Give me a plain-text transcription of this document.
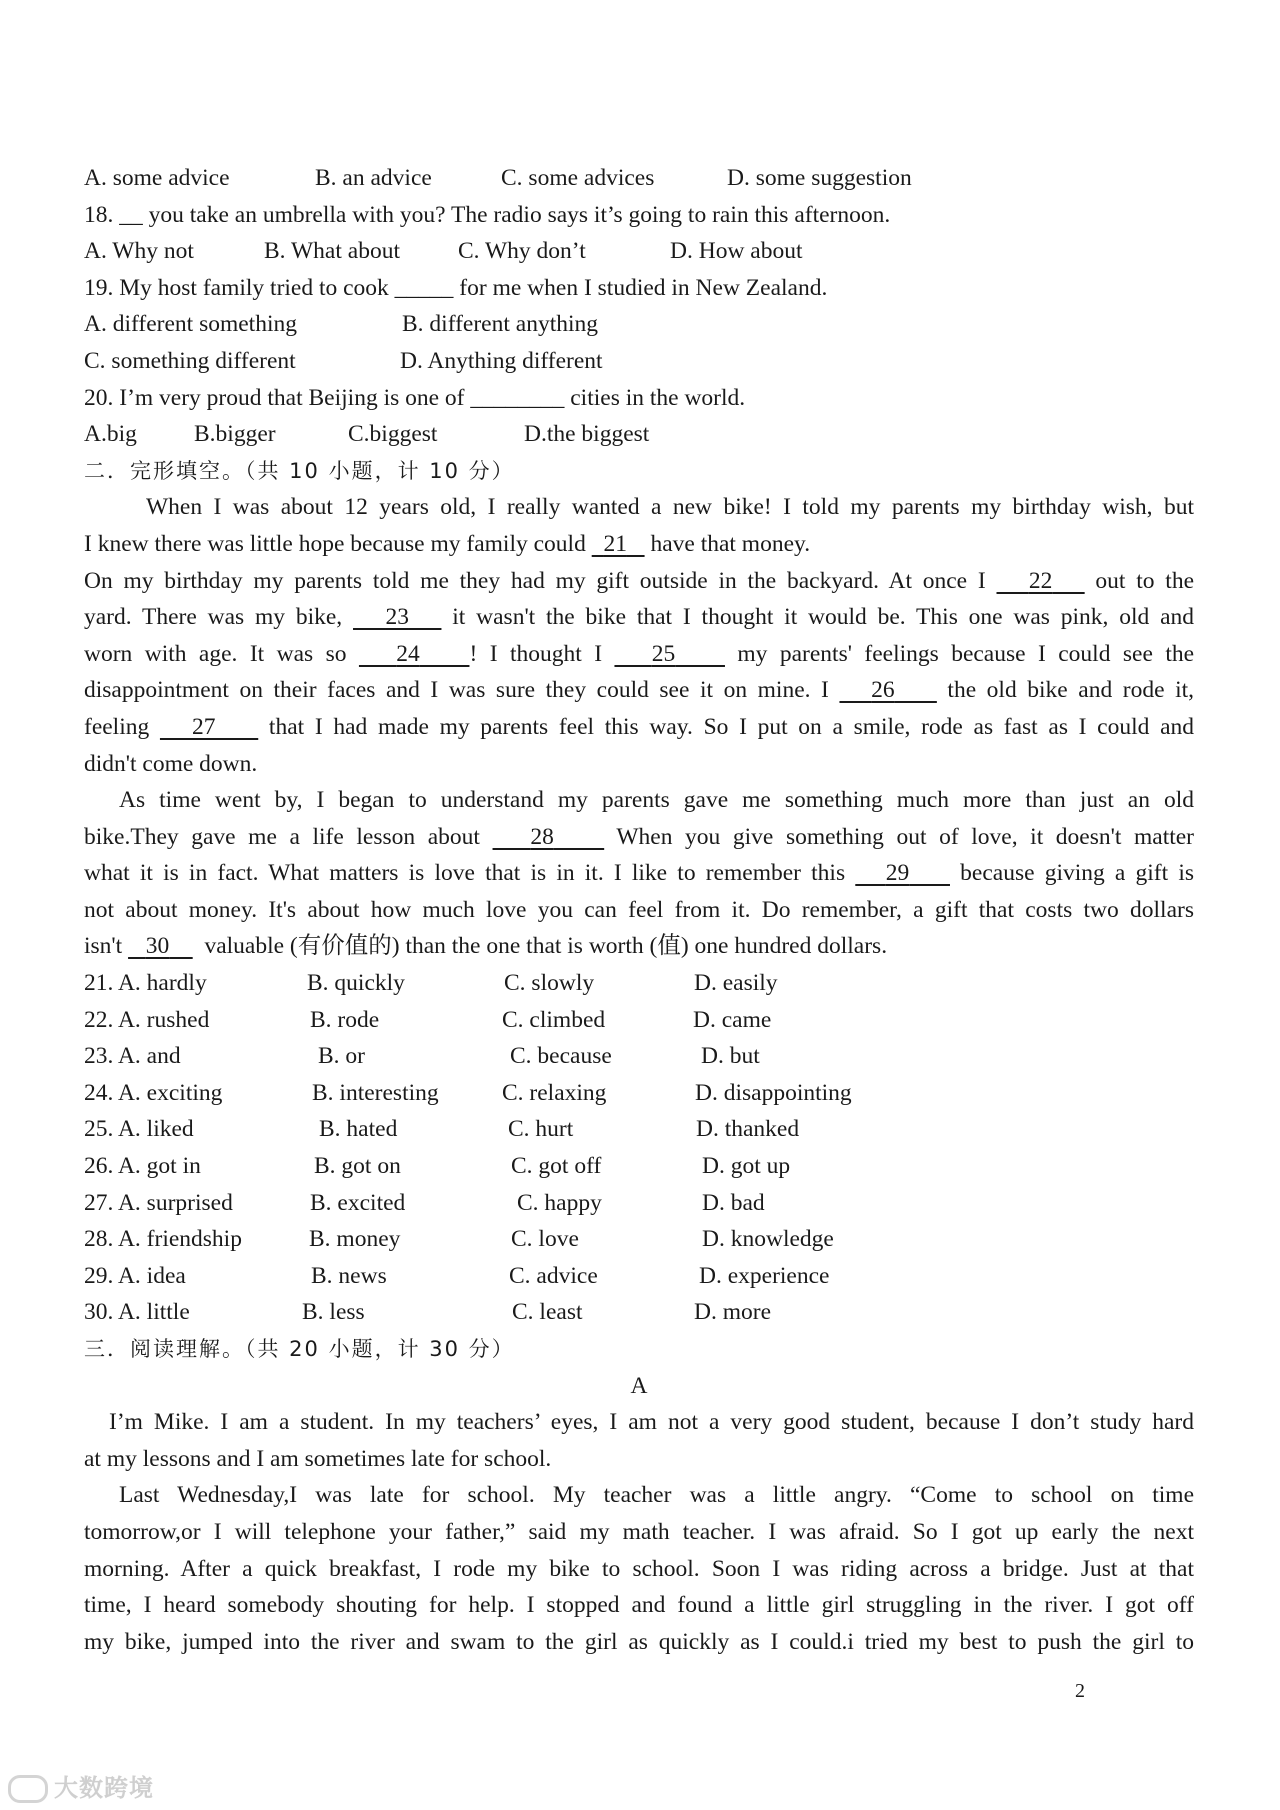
A. some advice	B. an advice	C. some advices	D. some suggestion
18. __ you take an umbrella with you? The radio says it’s going to rain this afternoon.
A. Why not	B. What about C. Why don’t	D. How about
19. My host family tried to cook _____ for me when I studied in New Zealand.
A. different something	B. different anything
C. something different	D. Anything different
20. I’m very proud that Beijing is one of ________ cities in the world.
A.big B.bigger	C.biggest	D.the biggest
二．完形填空。（共 10 小题，计 10 分）
When I was about 12 years old, I really wanted a new bike! I told my parents my birthday wish, but
I knew there was little hope because my family could   21    have that money.
On my birthday my parents told me they had my gift outside in the backyard. At once I    22    out to the
yard. There was my bike,    23    it wasn't the bike that I thought it would be. This one was pink, old and
worn with age. It was so    24 ! I thought I    25     my parents' feelings because I could see the
disappointment on their faces and I was sure they could see it on mine. I    26     the old bike and rode it,
feeling    27     that I had made my parents feel this way. So I put on a smile, rode as fast as I could and
didn't come down.
As time went by, I began to understand my parents gave me something much more than just an old
bike.They gave me a life lesson about    28     When you give something out of love, it doesn't matter
what it is in fact. What matters is love that is in it. I like to remember this    29     because giving a gift is
not about money. It's about how much love you can feel from it. Do remember, a gift that costs two dollars
isn't    30      valuable (有价值的) than the one that is worth (值) one hundred dollars.
21. A. hardly	B. quickly	C. slowly	D. easily
22. A. rushed	B. rode	C. climbed	D. came
23. A. and	B. or	C. because	D. but
24. A. exciting	B. interesting	C. relaxing	D. disappointing
25. A. liked	B. hated	C. hurt	D. thanked
26. A. got in	B. got on	C. got off	D. got up
27. A. surprised	B. excited	C. happy	D. bad
28. A. friendship	B. money	C. love	D. knowledge
29. A. idea	B. news	C. advice	D. experience
30. A. little	B. less	C. least	D. more
三．阅读理解。（共 20 小题，计 30 分）
A
I’m Mike. I am a student. In my teachers’ eyes, I am not a very good student, because I don’t study hard
at my lessons and I am sometimes late for school.
Last Wednesday,I was late for school. My teacher was a little angry. “Come to school on time
tomorrow,or I will telephone your father,” said my math teacher. I was afraid. So I got up early the next
morning. After a quick breakfast, I rode my bike to school. Soon I was riding across a bridge. Just at that
time, I heard somebody shouting for help. I stopped and found a little girl struggling in the river. I got off
my bike, jumped into the river and swam to the girl as quickly as I could.i tried my best to push the girl to
2
大数跨境
